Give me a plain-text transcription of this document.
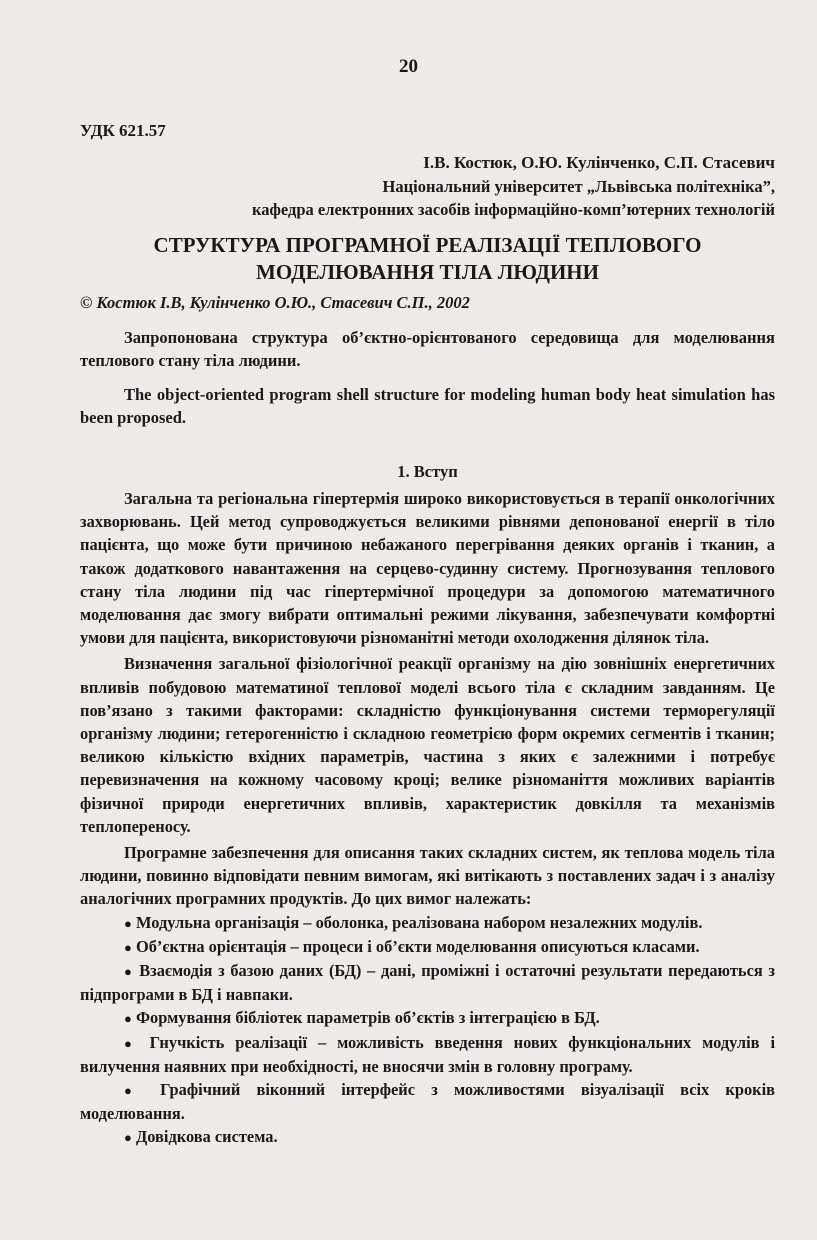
20
УДК 621.57
І.В. Костюк, О.Ю. Кулінченко, С.П. Стасевич
Національний університет „Львівська політехніка”,
кафедра електронних засобів інформаційно-комп’ютерних технологій
СТРУКТУРА ПРОГРАМНОЇ РЕАЛІЗАЦІЇ ТЕПЛОВОГО
МОДЕЛЮВАННЯ ТІЛА ЛЮДИНИ
© Костюк І.В, Кулінченко О.Ю., Стасевич С.П., 2002

Запропонована структура об’єктно-орієнтованого середовища для моделювання теплового стану тіла людини.

The object-oriented program shell structure for modeling human body heat simulation has been proposed.

1. Вступ

Загальна та регіональна гіпертермія широко використовується в терапії онкологічних захворювань. Цей метод супроводжується великими рівнями депонованої енергії в тіло пацієнта, що може бути причиною небажаного перегрівання деяких органів і тканин, а також додаткового навантаження на серцево-судинну систему. Прогнозування теплового стану тіла людини під час гіпертермічної процедури за допомогою математичного моделювання дає змогу вибрати оптимальні режими лікування, забезпечувати комфортні умови для пацієнта, використовуючи різноманітні методи охолодження ділянок тіла.

Визначення загальної фізіологічної реакції організму на дію зовнішніх енергетичних впливів побудовою математиної теплової моделі всього тіла є складним завданням. Це пов’язано з такими факторами: складністю функціонування системи терморегуляції організму людини; гетерогенністю і складною геометрією форм окремих сегментів і тканин; великою кількістю вхідних параметрів, частина з яких є залежними і потребує перевизначення на кожному часовому кроці; велике різноманіття можливих варіантів фізичної природи енергетичних впливів, характеристик довкілля та механізмів теплопереносу.

Програмне забезпечення для описання таких складних систем, як теплова модель тіла людини, повинно відповідати певним вимогам, які витікають з поставлених задач і з аналізу аналогічних програмних продуктів. До цих вимог належать:

● Модульна організація – оболонка, реалізована набором незалежних модулів.
● Об’єктна орієнтація – процеси і об’єкти моделювання описуються класами.
● Взаємодія з базою даних (БД) – дані, проміжні і остаточні результати передаються з підпрограми в БД і навпаки.
● Формування бібліотек параметрів об’єктів з інтеграцією в БД.
● Гнучкість реалізації – можливість введення нових функціональних модулів і вилучення наявних при необхідності, не вносячи змін в головну програму.
● Графічний віконний інтерфейс з можливостями візуалізації всіх кроків моделювання.
● Довідкова система.
